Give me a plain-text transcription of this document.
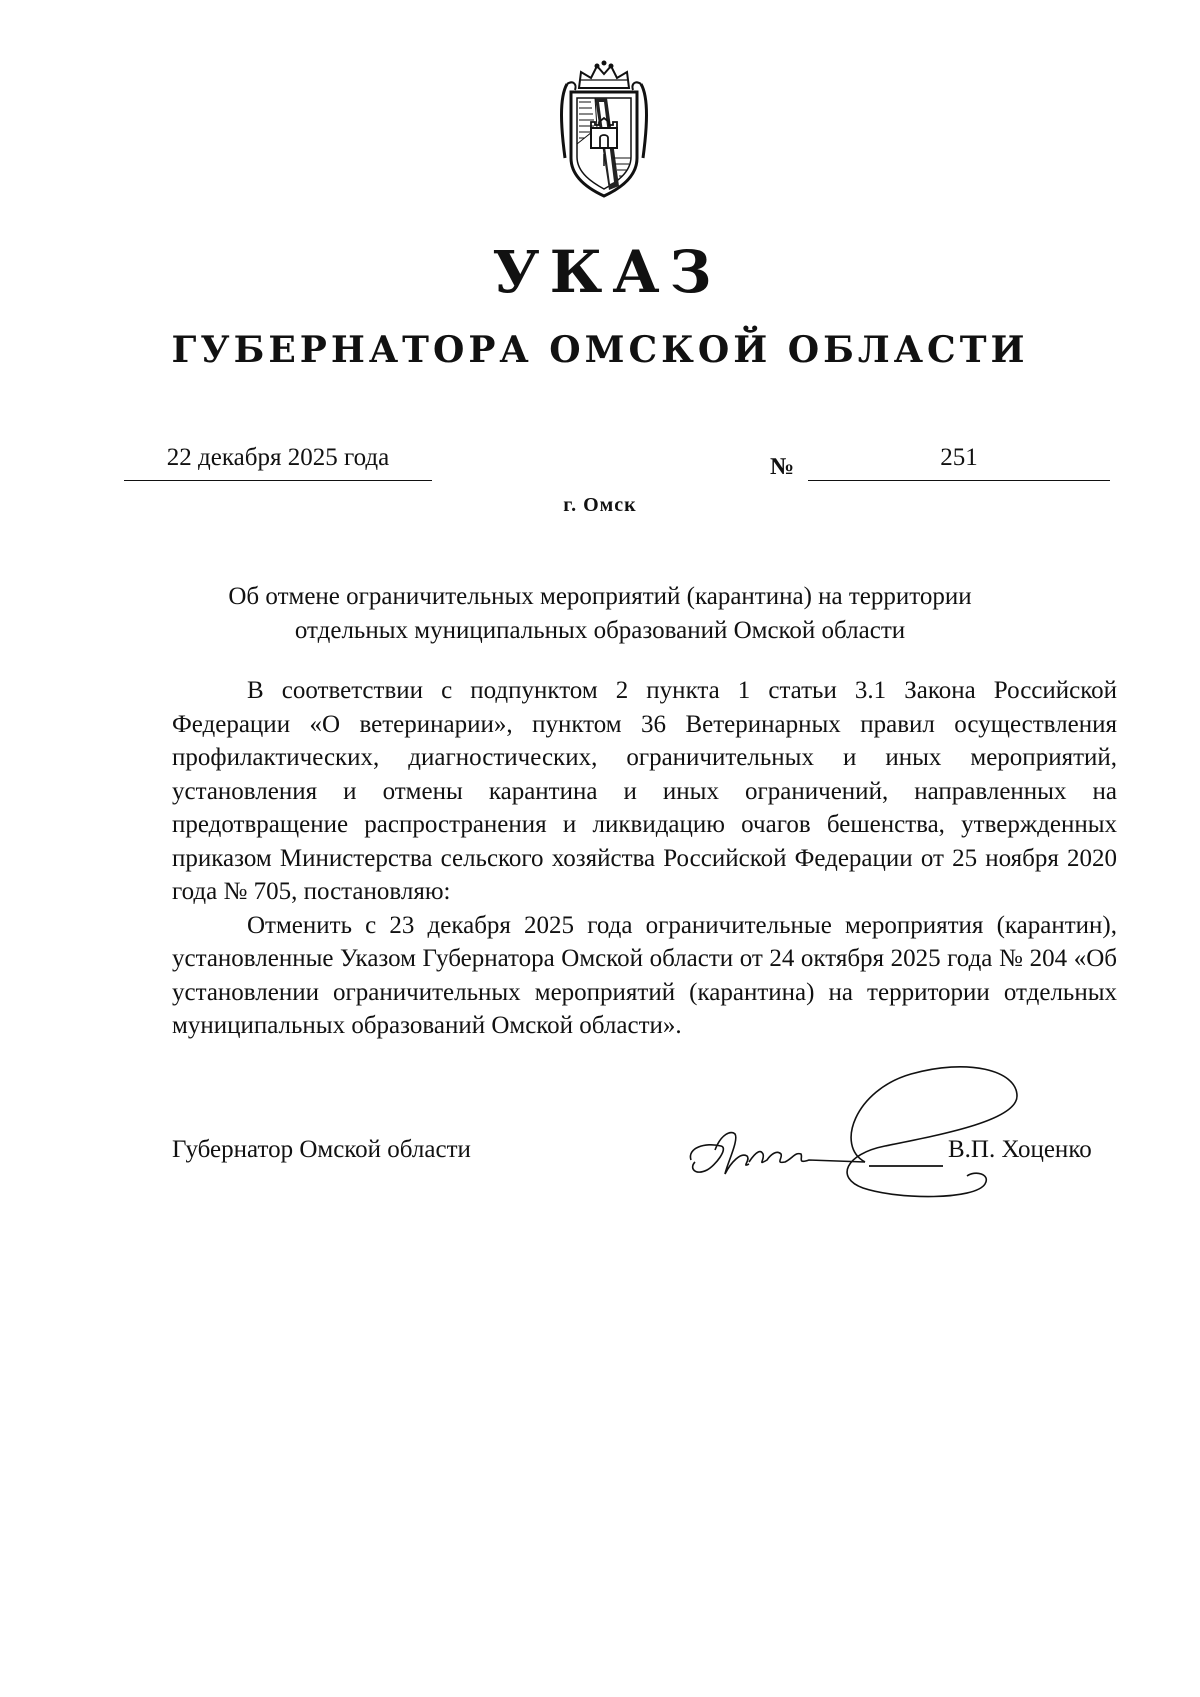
УКАЗ
ГУБЕРНАТОРА ОМСКОЙ ОБЛАСТИ
22 декабря 2025 года	№	251
г. Омск
Об отмене ограничительных мероприятий (карантина) на территории
отдельных муниципальных образований Омской области

В соответствии с подпунктом 2 пункта 1 статьи 3.1 Закона Российской Федерации «О ветеринарии», пунктом 36 Ветеринарных правил осуществления профилактических, диагностических, ограничительных и иных мероприятий, установления и отмены карантина и иных ограничений, направленных на предотвращение распространения и ликвидацию очагов бешенства, утвержденных приказом Министерства сельского хозяйства Российской Федерации от 25 ноября 2020 года № 705, постановляю:

Отменить с 23 декабря 2025 года ограничительные мероприятия (карантин), установленные Указом Губернатора Омской области от 24 октября 2025 года № 204 «Об установлении ограничительных мероприятий (карантина) на территории отдельных муниципальных образований Омской области».

Губернатор Омской области	В.П. Хоценко
